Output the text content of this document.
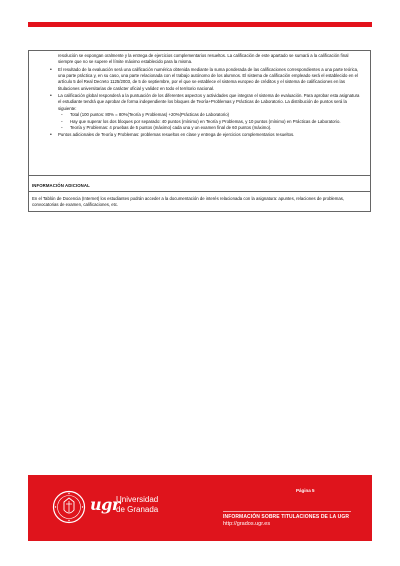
resolución se expongan oralmente y la entrega de ejercicios complementarios resueltos. La calificación de este apartado se sumará a la calificación final siempre que no se supere el límite máximo establecido para la misma.

• El resultado de la evaluación será una calificación numérica obtenida mediante la suma ponderada de las calificaciones correspondientes a una parte teórica, una parte práctica y, en su caso, una parte relacionada con el trabajo autónomo de los alumnos. El sistema de calificación empleado será el establecido en el artículo 5 del Real Decreto 1125/2003, de 5 de septiembre, por el que se establece el sistema europeo de créditos y el sistema de calificaciones en las titulaciones universitarias de carácter oficial y validez en todo el territorio nacional.
• La calificación global responderá a la puntuación de los diferentes aspectos y actividades que integran el sistema de evaluación. Para aprobar esta asignatura el estudiante tendrá que aprobar de forma independiente los bloques de Teoría+Problemas y Prácticas de Laboratorio. La distribución de puntos será la siguiente:
- Total (100 puntos: 80% = 80%(Teoría y Problemas) +20%(Prácticas de Laboratorio)
- Hay que superar los dos bloques por separado: 40 puntos (mínimo) en Teoría y Problemas, y 10 puntos (mínimo) en Prácticas de Laboratorio.
- Teoría y Problemas: 4 pruebas de 5 puntos (máximo) cada una y un examen final de 60 puntos (máximo).
• Puntos adicionales de Teoría y Problemas: problemas resueltos en clase y entrega de ejercicios complementarios resueltos.
INFORMACIÓN ADICIONAL
En el Tablón de Docencia (Internet) los estudiantes podrán acceder a la documentación de interés relacionada con la asignatura: apuntes, relaciones de problemas, convocatorias de examen, calificaciones, etc.
ugr
Universidad
de Granada
Página 5
INFORMACIÓN SOBRE TITULACIONES DE LA UGR
http://grados.ugr.es
